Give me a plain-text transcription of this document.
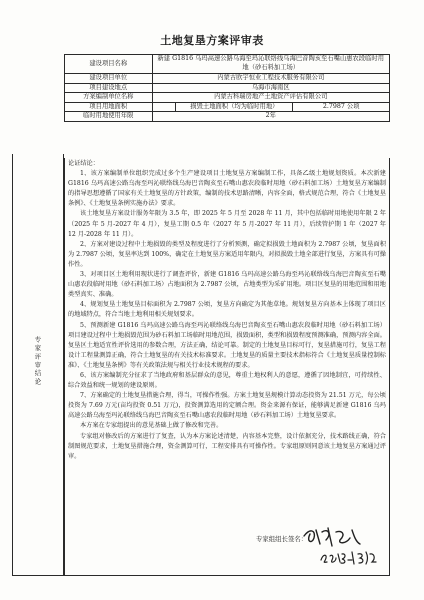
土地复垦方案评审表
建设项目名称	新建 G1816 乌玛高速公路乌海至玛沁联络线乌海巴音陶亥至石嘴山惠农段临时用地（砂石料加工场）		
建设项目单位	内蒙古欧宇恒业工程技术服务有限公司		
项目建设地点	乌海市海南区		
方案编制单位名称	内蒙古科瑞房地产土地资产评估有限公司		
项目用地面积		损毁土地面积（均为临时用地）	2.7987 公顷
临时用地使用年限	2年		
专家评审结论

论证结论：

1、该方案编制单位组织完成过多个生产建设项目土地复垦方案编制工作，具备乙级土地规划资质。本次新建 G1816 乌玛高速公路乌海至玛沁联络线乌海巴音陶亥至石嘴山惠农段临时用地（砂石料加工场）土地复垦方案编制的指导思想遵循了国家有关土地复垦的方针政策，编制的技术思路清晰，内容全面，格式规范合理，符合《土地复垦条例》、《土地复垦条例实施办法》要求。

该土地复垦方案设计服务年限为 3.5 年，即 2025 年 5 月至 2028 年 11 月，其中包括临时用地使用年限 2 年（2025 年 5 月-2027 年 4 月），复垦工期 0.5 年（2027 年 5 月-2027 年 11 月），后续管护期 1 年（2027 年 12 月-2028 年 11 月）。

2、方案对建设过程中土地损毁的类型及程度进行了分析预测，确定拟损毁土地面积为 2.7987 公顷，复垦面积为 2.7987 公顷，复垦率达到 100%，确定在土地复垦方案适用年限内，对拟损毁土地全部进行复垦，方案具有可操作性。

3、对项目区土地利用现状进行了调查评价，新建 G1816 乌玛高速公路乌海至玛沁联络线乌海巴音陶亥至石嘴山惠农段临时用地（砂石料加工场）占地面积为 2.7987 公顷，占地类型为采矿用地。项目区复垦的用地范围和用地类型真实、准确。

4、规划复垦土地复垦目标面积为 2.7987 公顷，复垦方向确定为其他草地。规划复垦方向基本上体现了项目区的地域特点，符合当地土地利用相关规划要求。

5、预测新建 G1816 乌玛高速公路乌海至玛沁联络线乌海巴音陶亥至石嘴山惠农段临时用地（砂石料加工场）项目建设过程中土地损毁范围为砂石料加工场临时用地范围，损毁面积，类型和损毁程度预测准确，预测内容全面。复垦区土地适宜性评价选用的参数合理，方法正确，结论可靠。制定的土地复垦目标可行，复垦措施可行，复垦工程设计工程量测算正确，符合土地复垦的有关技术标准要求。土地复垦的质量主要技术指标符合《土地复垦质量控制标准》、《土地复垦条例》等有关政策法规与相关行业技术规程的要求。

6、该方案编制充分征求了当地政府和基层群众的意见，尊重土地权利人的意愿，遵循了因地制宜，可持续性、综合效益和统一规划的建设原则。

7、方案确定的土地复垦措施合理，得当，可操作性强。方案土地复垦规模计算动态投资为 21.51 万元，每公顷投资为 7.69 万元(亩均投资 0.51 万元)，投资测算选用的定额合理。资金来源有保证，能够满足新建 G1816 乌玛高速公路乌海至玛沁联络线乌海巴音陶亥至石嘴山惠农段临时用地（砂石料加工场）土地复垦要求。

本方案在专家组提出的意见基础上做了修改和完善。

专家组对修改后的方案进行了复查，认为本方案论述清楚，内容基本完整，设计依据充分，技术路线正确，符合制图规范要求，土地复垦措施合理，资金测算可行，工程安排具有可操作性。专家组原则同意该土地复垦方案通过评审。

专家组组长签名：
